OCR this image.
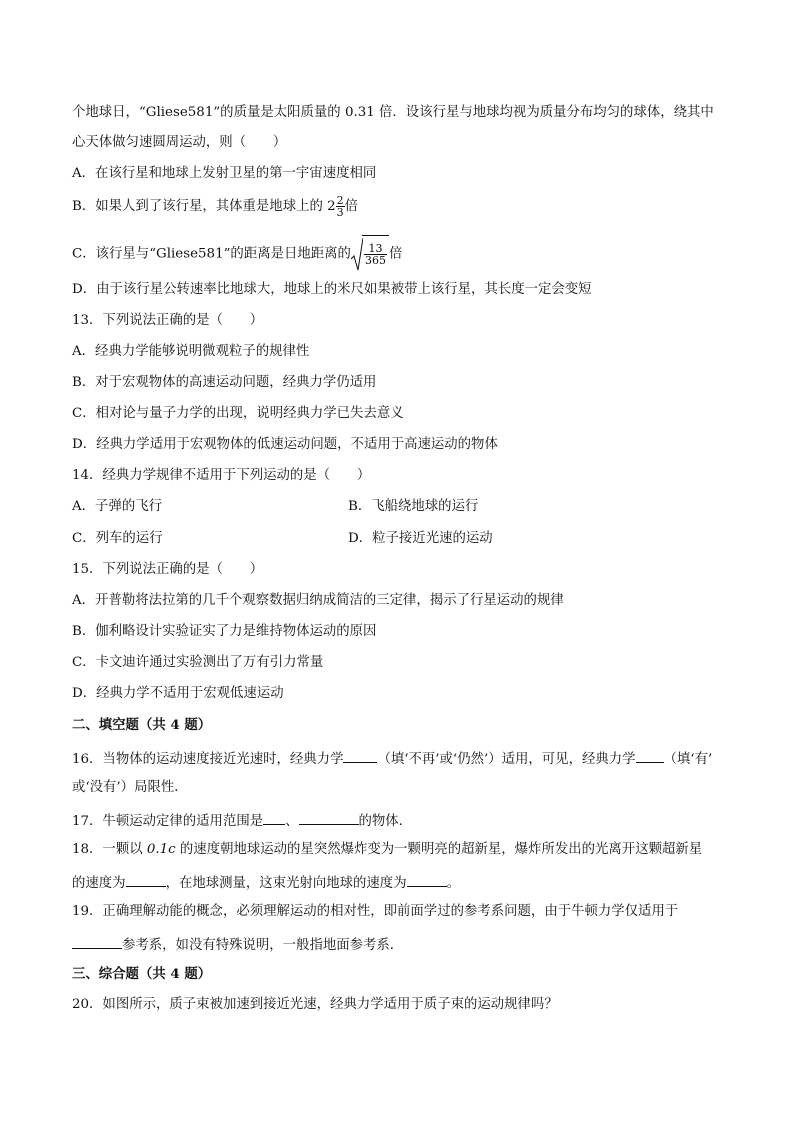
个地球日，“Gliese581”的质量是太阳质量的 0.31 倍．设该行星与地球均视为质量分布均匀的球体，绕其中
心天体做匀速圆周运动，则（　　）
A．在该行星和地球上发射卫星的第一宇宙速度相同
B．如果人到了该行星，其体重是地球上的 $2 \frac{2}{3}$ 倍
C．该行星与“Gliese581”的距离是日地距离的 $\frac{13}{365}$ 倍
D．由于该行星公转速率比地球大，地球上的米尺如果被带上该行星，其长度一定会变短
13．下列说法正确的是（　　）
A．经典力学能够说明微观粒子的规律性
B．对于宏观物体的高速运动问题，经典力学仍适用
C．相对论与量子力学的出现，说明经典力学已失去意义
D．经典力学适用于宏观物体的低速运动问题，不适用于高速运动的物体
14．经典力学规律不适用于下列运动的是（　　）
A．子弹的飞行	B．飞船绕地球的运行
C．列车的运行	D．粒子接近光速的运动
15．下列说法正确的是（　　）
A．开普勒将法拉第的几千个观察数据归纳成简洁的三定律，揭示了行星运动的规律
B．伽利略设计实验证实了力是维持物体运动的原因
C．卡文迪许通过实验测出了万有引力常量
D．经典力学不适用于宏观低速运动
二、填空题（共 4 题）
16．当物体的运动速度接近光速时，经典力学	（填‘不再’或‘仍然’）适用，可见，经典力学 （填‘有’
或‘没有’）局限性．
17．牛顿运动定律的适用范围是 、	的物体．
18．一颗以 0.1c 的速度朝地球运动的星突然爆炸变为一颗明亮的超新星，爆炸所发出的光离开这颗超新星
的速度为	，在地球测量，这束光射向地球的速度为	。
19．正确理解动能的概念，必须理解运动的相对性，即前面学过的参考系问题，由于牛顿力学仅适用于
参考系，如没有特殊说明，一般指地面参考系．
三、综合题（共 4 题）
20．如图所示，质子束被加速到接近光速，经典力学适用于质子束的运动规律吗？
